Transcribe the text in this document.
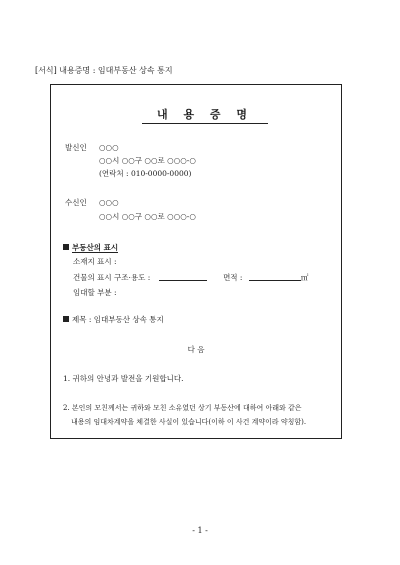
[서식] 내용증명 : 임대부동산 상속 통지
내 용 증 명
발신인 ○○○
○○시 ○○구 ○○로 ○○○-○
(연락처 : 010-0000-0000)
수신인 ○○○
○○시 ○○구 ○○로 ○○○-○
부동산의 표시
소재지 표시 :
건물의 표시 구조·용도 :	면적 :	㎡
임대할 부분 :
제목 : 임대부동산 상속 통지
다 음
1. 귀하의 안녕과 발전을 기원합니다.
2. 본인의 모친께서는 귀하와 모친 소유였던 상기 부동산에 대하여 아래와 같은
내용의 임대차계약을 체결한 사실이 있습니다(이하 이 사건 계약이라 약칭함).
- 1 -
